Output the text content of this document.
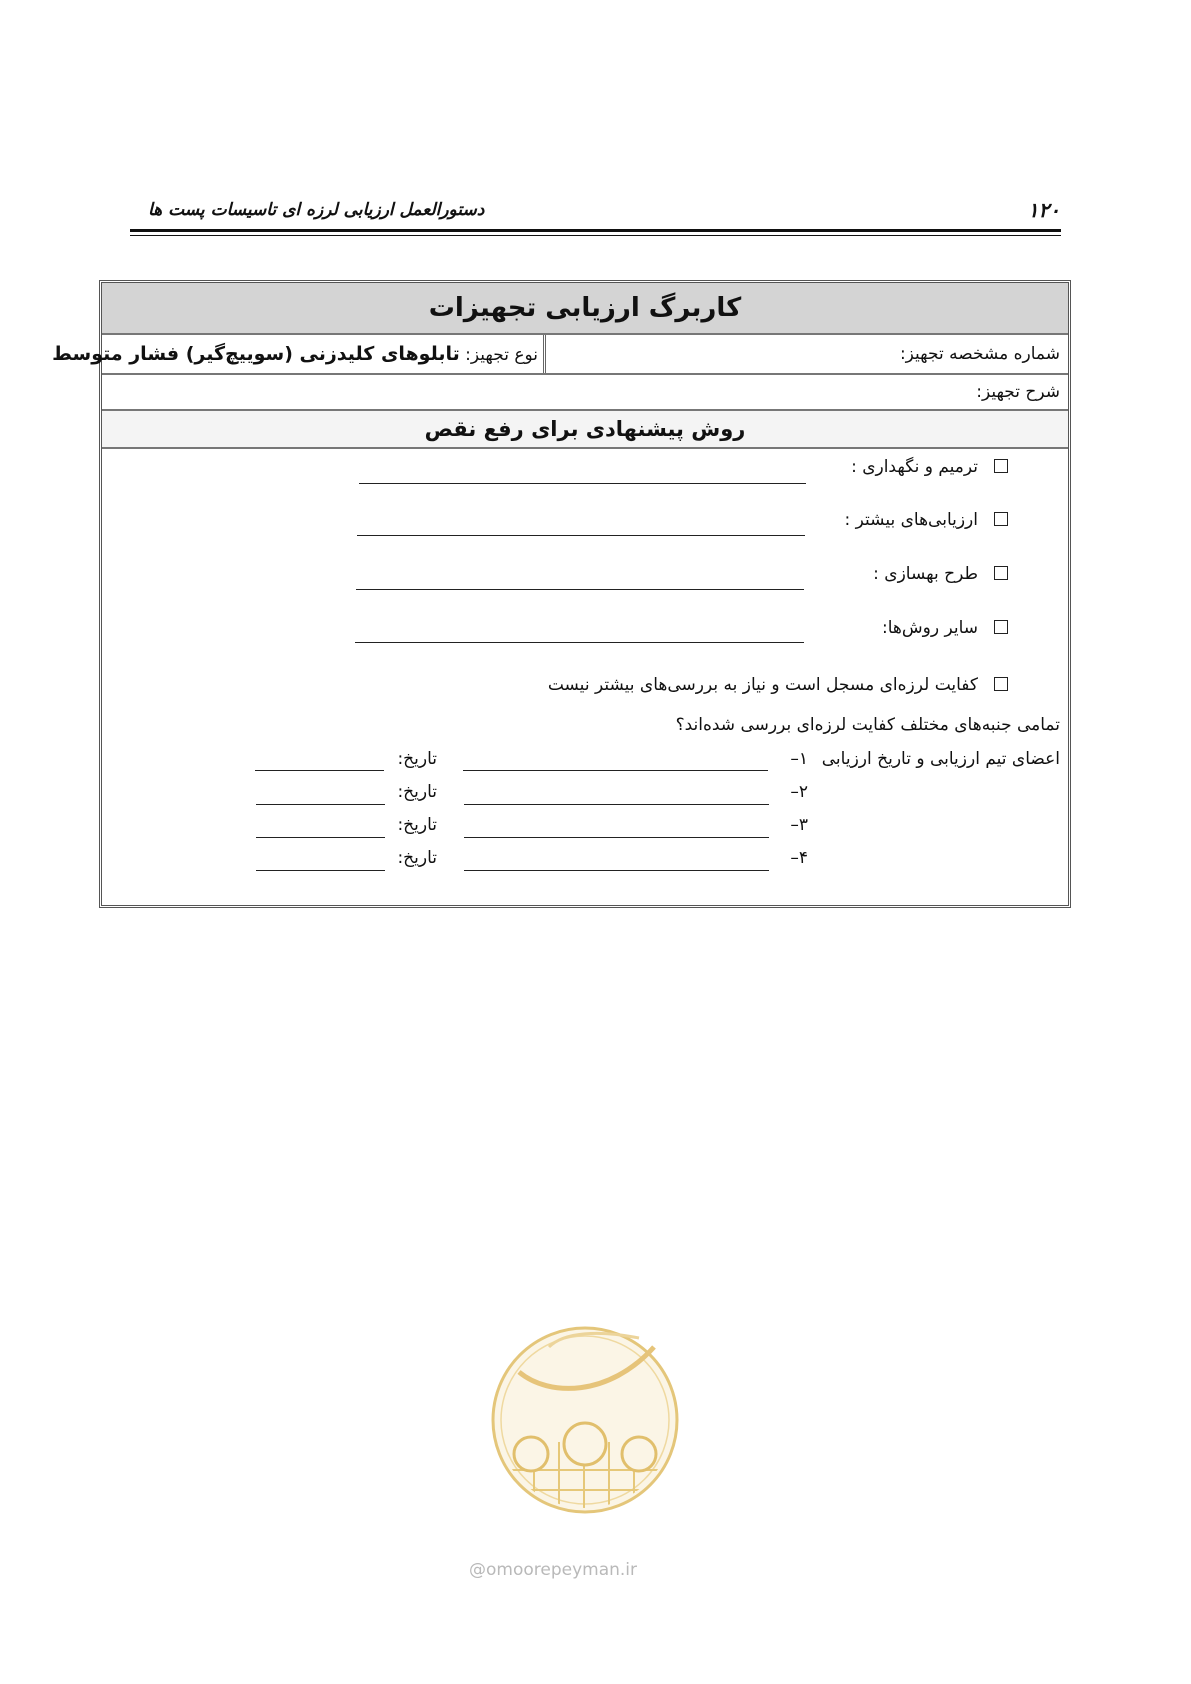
۱۲۰
دستورالعمل ارزیابی لرزه ای تاسیسات پست ها
کاربرگ ارزیابی تجهیزات
شماره مشخصه تجهیز:
نوع تجهیز: تابلوهای کلیدزنی (سوییچ‌گیر) فشار متوسط
شرح تجهیز:
روش پیشنهادی برای رفع نقص
ترمیم و نگهداری :
ارزیابی‌های بیشتر :
طرح بهسازی :
سایر روش‌ها:
کفایت لرزه‌ای مسجل است و نیاز به بررسی‌های بیشتر نیست
تمامی جنبه‌های مختلف کفایت لرزه‌ای بررسی شده‌اند؟
اعضای تیم ارزیابی و تاریخ ارزیابی
۱–
تاریخ:
۲–
تاریخ:
۳–
تاریخ:
۴–
تاریخ:
@omoorepeyman.ir
